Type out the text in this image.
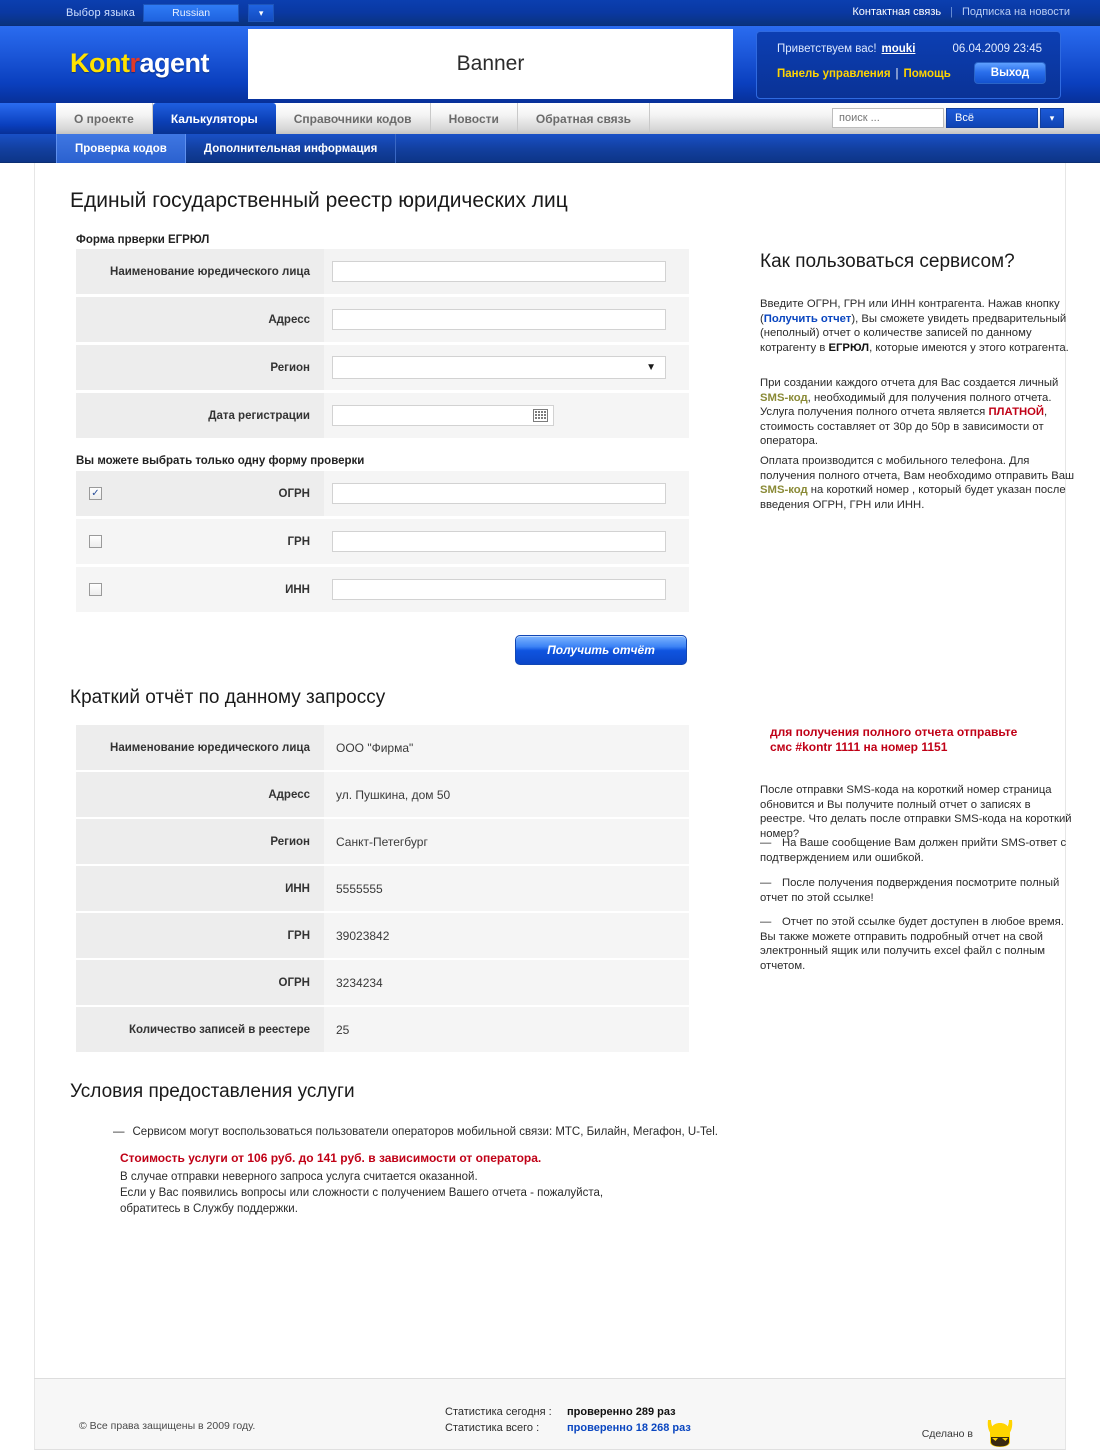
Выбор языка	Russian	▾	Контактная связь | Подписка на новости
Kontragent	Banner
Приветствуем вас! mouki	06.04.2009 23:45
Панель управления | Помощь	Выход
О проекте	Калькуляторы	Справочники кодов	Новости	Обратная связь
поиск ...	Всё	▾
Проверка кодов	Дополнительная информация
Единый государственный реестр юридических лиц
Форма прверки ЕГРЮЛ
Наименование юредического лица
Адресс
Регион	▼
Дата регистрации
Вы можете выбрать только одну форму проверки
✓	ОГРН
ГРН
ИНН
Получить отчёт
Краткий отчёт по данному запроссу
Наименование юредического лица	ООО "Фирма"
Адресс	ул. Пушкина, дом 50
Регион	Санкт-Петегбург
ИНН	5555555
ГРН	39023842
ОГРН	3234234
Количество записей в реестере	25
Условия предоставления услуги
— Сервисом могут воспользоваться пользователи операторов мобильной связи: МТС, Билайн, Мегафон, U-Tel.
Стоимость услуги от 106 руб. до 141 руб. в зависимости от оператора.
В случае отправки неверного запроса услуга считается оказанной.
Если у Вас появились вопросы или сложности с получением Вашего отчета - пожалуйста,
обратитесь в Службу поддержки.
Как пользоваться сервисом?
Введите ОГРН, ГРН или ИНН контрагента. Нажав кнопку (Получить отчет), Вы сможете увидеть предварительный (неполный) отчет о количестве записей по данному котрагенту в ЕГРЮЛ, которые имеются у этого котрагента.
При создании каждого отчета для Вас создается личный SMS-код, необходимый для получения полного отчета. Услуга получения полного отчета является ПЛАТНОЙ, стоимость составляет от 30р до 50р в зависимости от оператора.
Оплата производится с мобильного телефона. Для получения полного отчета, Вам необходимо отправить Ваш SMS-код на короткий номер , который будет указан после введения ОГРН, ГРН или ИНН.
для получения полного отчета отправьте
смс #kontr 1111 на номер 1151
После отправки SMS-кода на короткий номер страница обновится и Вы получите полный отчет о записях в реестре. Что делать после отправки SMS-кода на короткий номер?
— На Ваше сообщение Вам должен прийти SMS-ответ с подтверждением или ошибкой.
— После получения подверждения посмотрите полный отчет по этой ссылке!
— Отчет по этой ссылке будет доступен в любое время. Вы также можете отправить подробный отчет на свой электронный ящик или получить excel файл с полным отчетом.
© Все права защищены в 2009 году.
Статистика сегодня :	проверенно 289 раз
Статистика всего :	проверенно 18 268 раз	Сделано в
